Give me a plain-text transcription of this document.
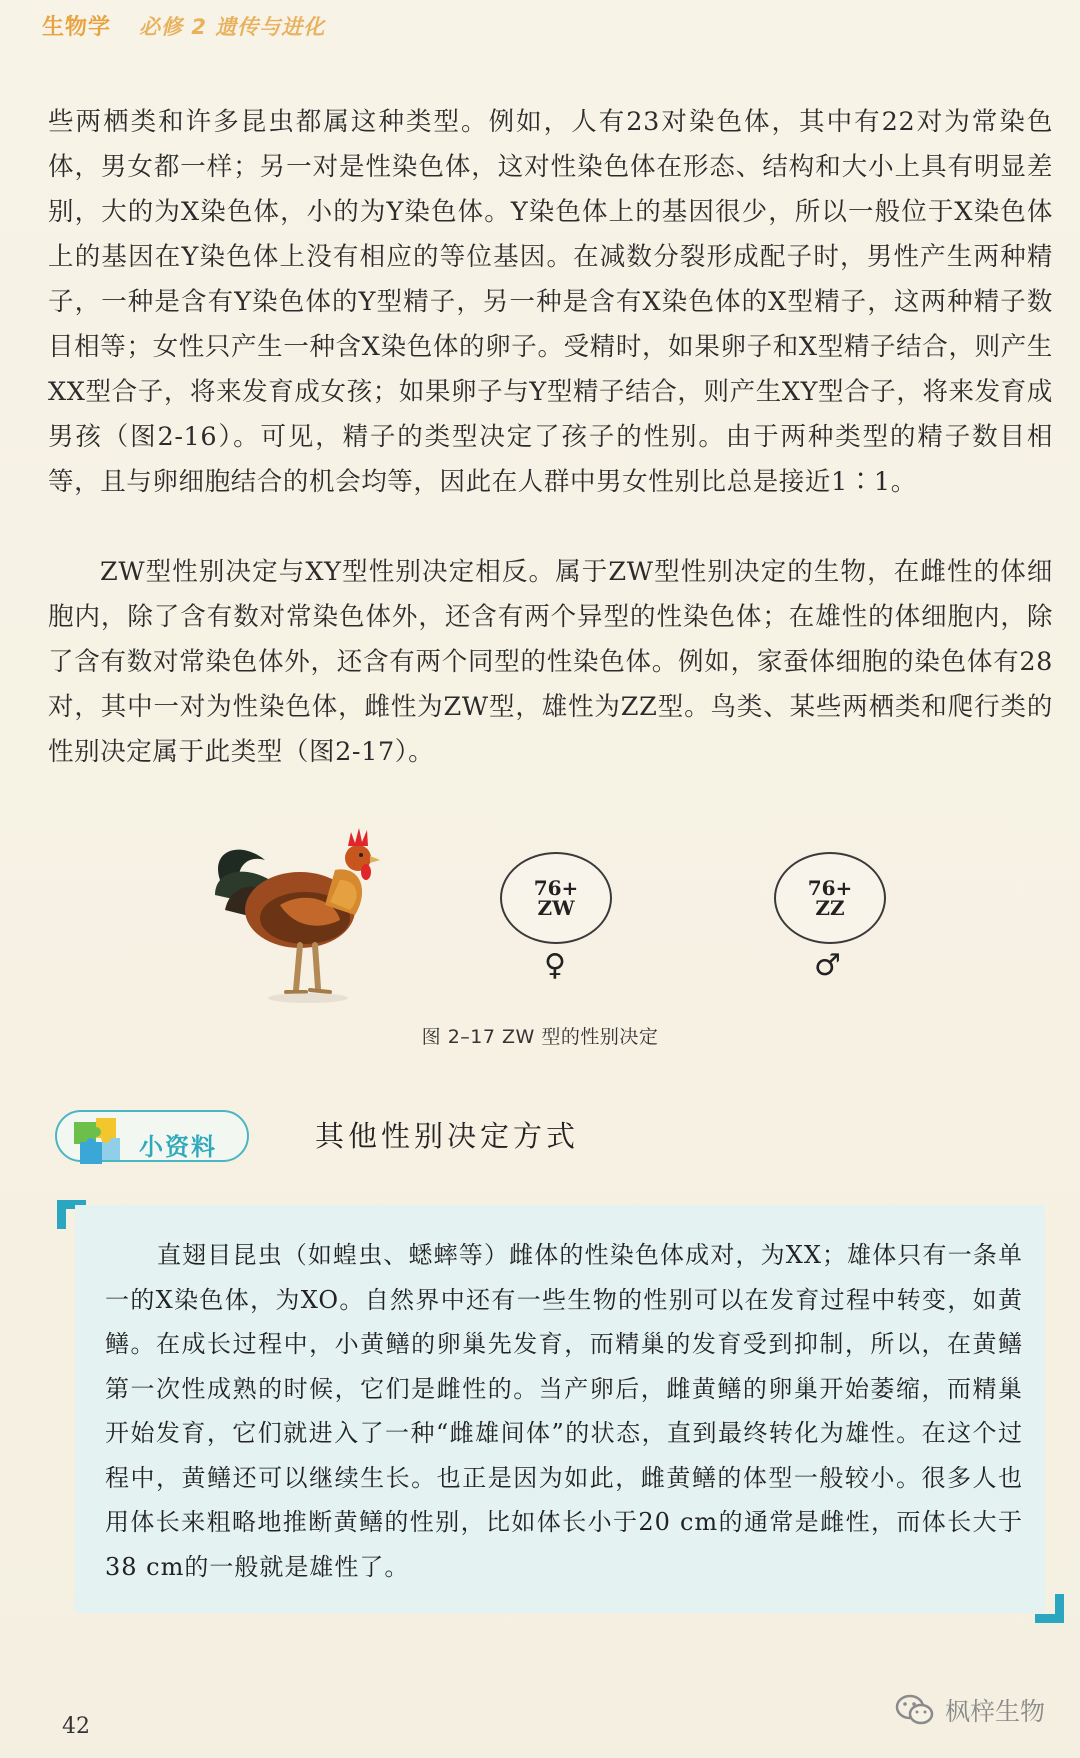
生物学 必修 2 遗传与进化

些两栖类和许多昆虫都属这种类型。例如，人有23对染色体，其中有22对为常染色体，男女都一样；另一对是性染色体，这对性染色体在形态、结构和大小上具有明显差别，大的为X染色体，小的为Y染色体。Y染色体上的基因很少，所以一般位于X染色体上的基因在Y染色体上没有相应的等位基因。在减数分裂形成配子时，男性产生两种精子，一种是含有Y染色体的Y型精子，另一种是含有X染色体的X型精子，这两种精子数目相等；女性只产生一种含X染色体的卵子。受精时，如果卵子和X型精子结合，则产生XX型合子，将来发育成女孩；如果卵子与Y型精子结合，则产生XY型合子，将来发育成男孩（图2-16）。可见，精子的类型决定了孩子的性别。由于两种类型的精子数目相等，且与卵细胞结合的机会均等，因此在人群中男女性别比总是接近1∶1。

ZW型性别决定与XY型性别决定相反。属于ZW型性别决定的生物，在雌性的体细胞内，除了含有数对常染色体外，还含有两个异型的性染色体；在雄性的体细胞内，除了含有数对常染色体外，还含有两个同型的性染色体。例如，家蚕体细胞的染色体有28对，其中一对为性染色体，雌性为ZW型，雄性为ZZ型。鸟类、某些两栖类和爬行类的性别决定属于此类型（图2-17）。

76+
ZW
♀
76+
ZZ
♂
图 2–17 ZW 型的性别决定
小资料	其他性别决定方式

直翅目昆虫（如蝗虫、蟋蟀等）雌体的性染色体成对，为XX；雄体只有一条单一的X染色体，为XO。自然界中还有一些生物的性别可以在发育过程中转变，如黄鳝。在成长过程中，小黄鳝的卵巢先发育，而精巢的发育受到抑制，所以，在黄鳝第一次性成熟的时候，它们是雌性的。当产卵后，雌黄鳝的卵巢开始萎缩，而精巢开始发育，它们就进入了一种“雌雄间体”的状态，直到最终转化为雄性。在这个过程中，黄鳝还可以继续生长。也正是因为如此，雌黄鳝的体型一般较小。很多人也用体长来粗略地推断黄鳝的性别，比如体长小于20 cm的通常是雌性，而体长大于38 cm的一般就是雄性了。

42
枫梓生物
